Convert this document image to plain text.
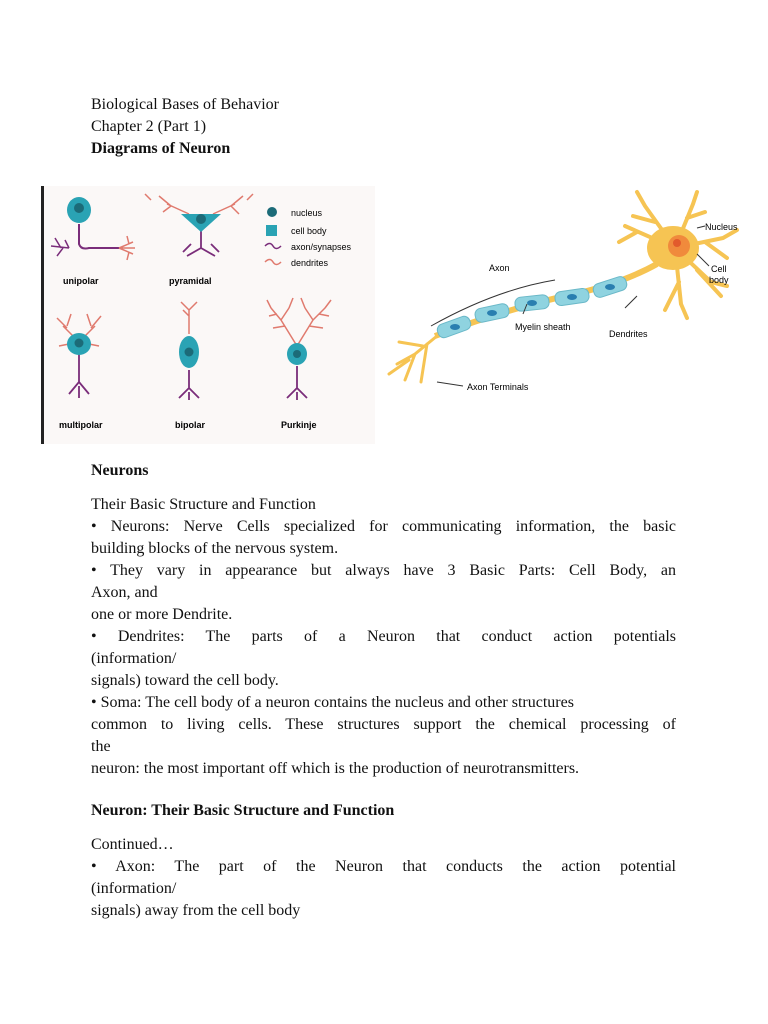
Biological Bases of Behavior
Chapter 2 (Part 1)
Diagrams of Neuron
nucleus
cell body
axon/synapses
dendrites
unipolar	pyramidal
multipolar	bipolar	Purkinje
Nucleus
Cell
body
Axon
Myelin sheath
Dendrites
Axon Terminals
Neurons
Their Basic Structure and Function
• Neurons: Nerve Cells specialized for communicating information, the basic
building blocks of the nervous system.
• They vary in appearance but always have 3 Basic Parts: Cell Body, an
Axon, and
one or more Dendrite.
• Dendrites: The parts of a Neuron that conduct action potentials
(information/
signals) toward the cell body.
• Soma: The cell body of a neuron contains the nucleus and other structures
common to living cells. These structures support the chemical processing of
the
neuron: the most important off which is the production of neurotransmitters.
Neuron: Their Basic Structure and Function
Continued…
• Axon: The part of the Neuron that conducts the action potential
(information/
signals) away from the cell body
